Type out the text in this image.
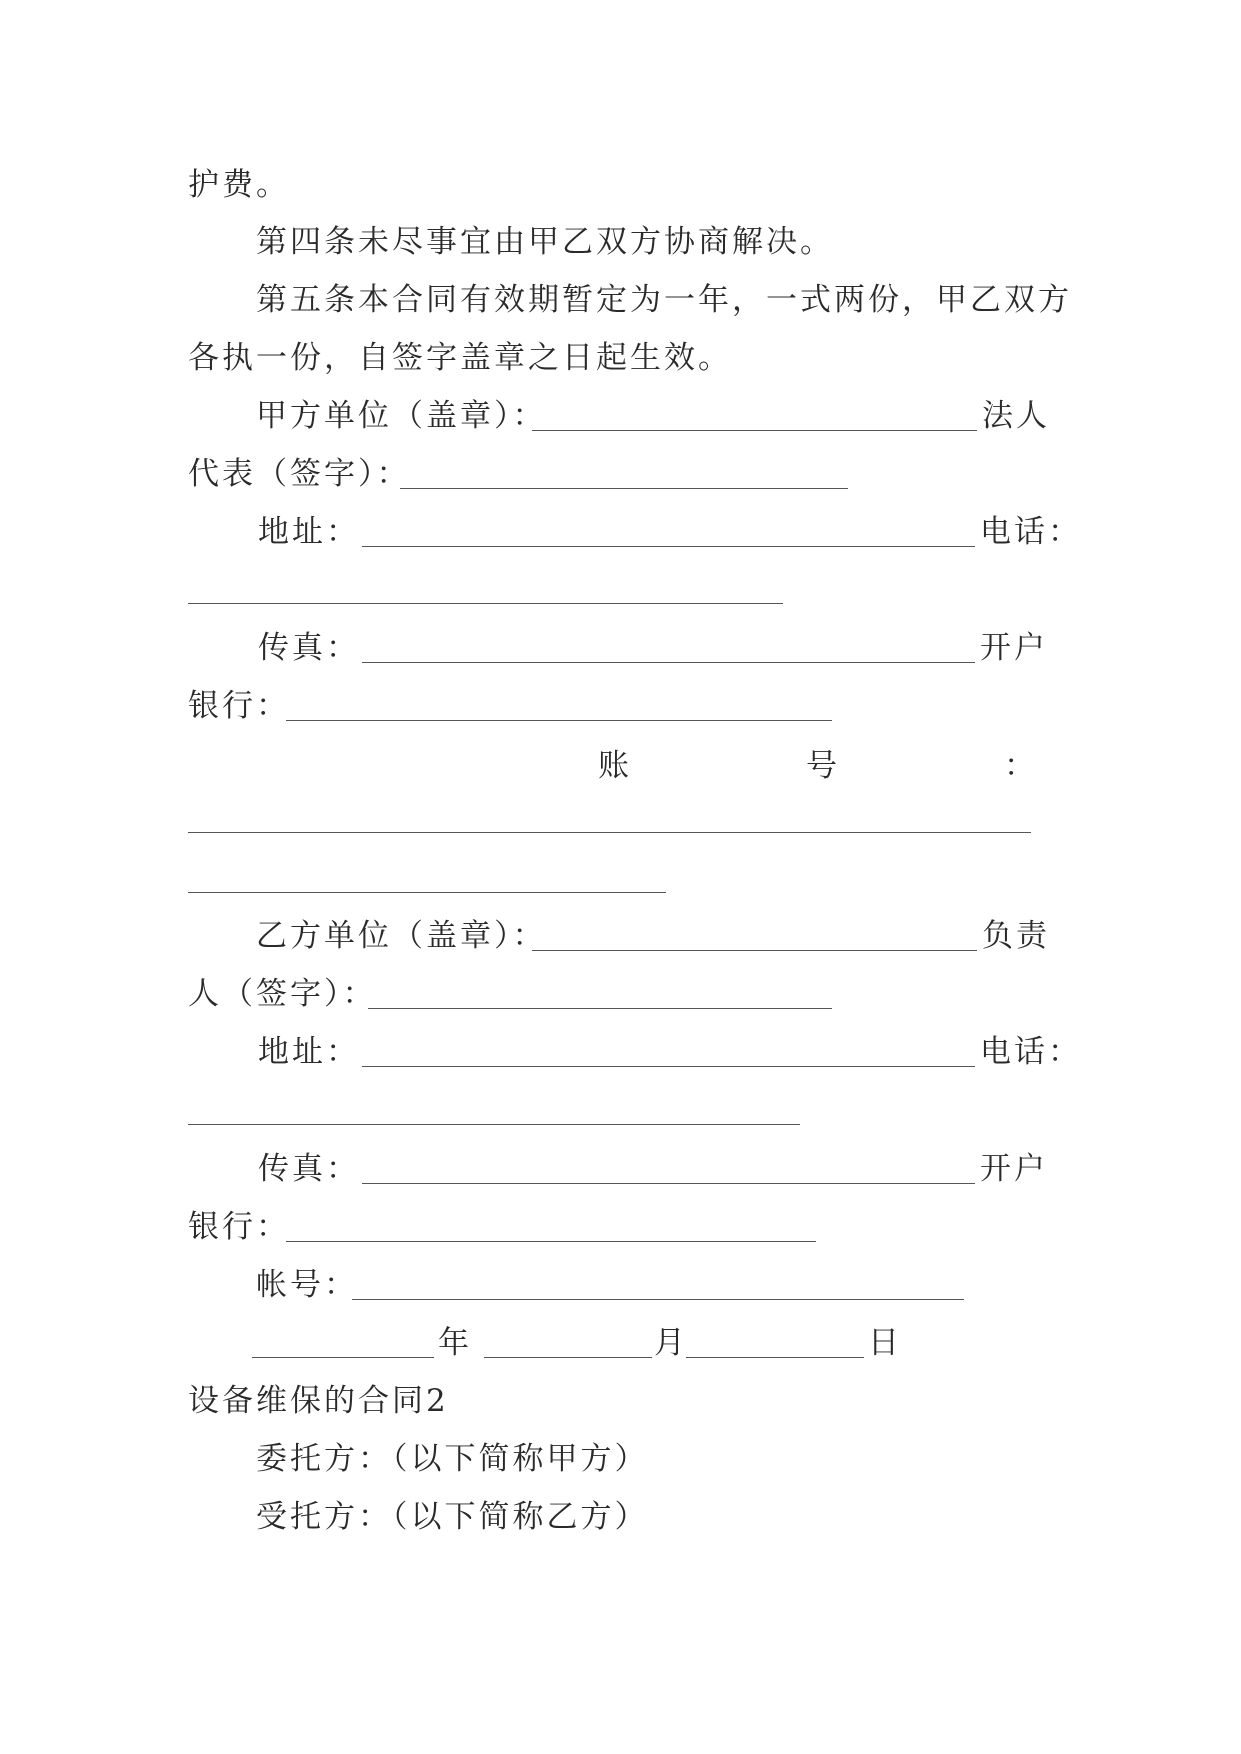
护费。
第四条未尽事宜由甲乙双方协商解决。
第五条本合同有效期暂定为一年，一式两份，甲乙双方
各执一份，自签字盖章之日起生效。
甲方单位（盖章）：	法人
代表（签字）：
地址：	电话：
传真：	开户
银行：
账	号	：
乙方单位（盖章）：	负责
人（签字）：
地址：	电话：
传真：	开户
银行：
帐号：
年	月	日
设备维保的合同2
委托方：（以下简称甲方）
受托方：（以下简称乙方）
